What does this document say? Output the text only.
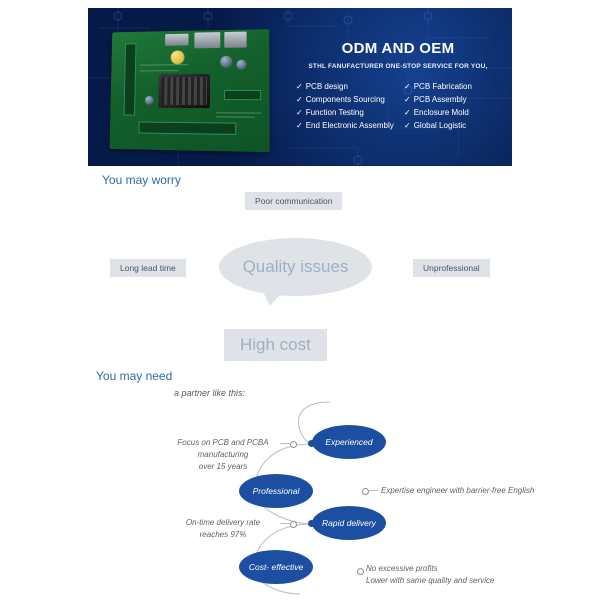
ODM AND OEM
STHL FANUFACTURER ONE-STOP SERVICE FOR YOU,
✓ PCB design
✓ Components Sourcing
✓ Function Testing
✓ End Electronic Assembly
✓ PCB Fabrication
✓ PCB Assembly
✓ Enclosure Mold
✓ Global Logistic
You may worry
Poor communication
Long lead time	Unprofessional
High cost
Quality issues
You may need
a partner like this:
Experienced
Professional
Rapid
delivery
Cost-
effective
Focus on PCB and PCBA
manufacturing
over 15 years
Expertise engineer with barrier-free English
On-time delivery rate
reaches 97%
No excessive profits
Lower with same quality and service
